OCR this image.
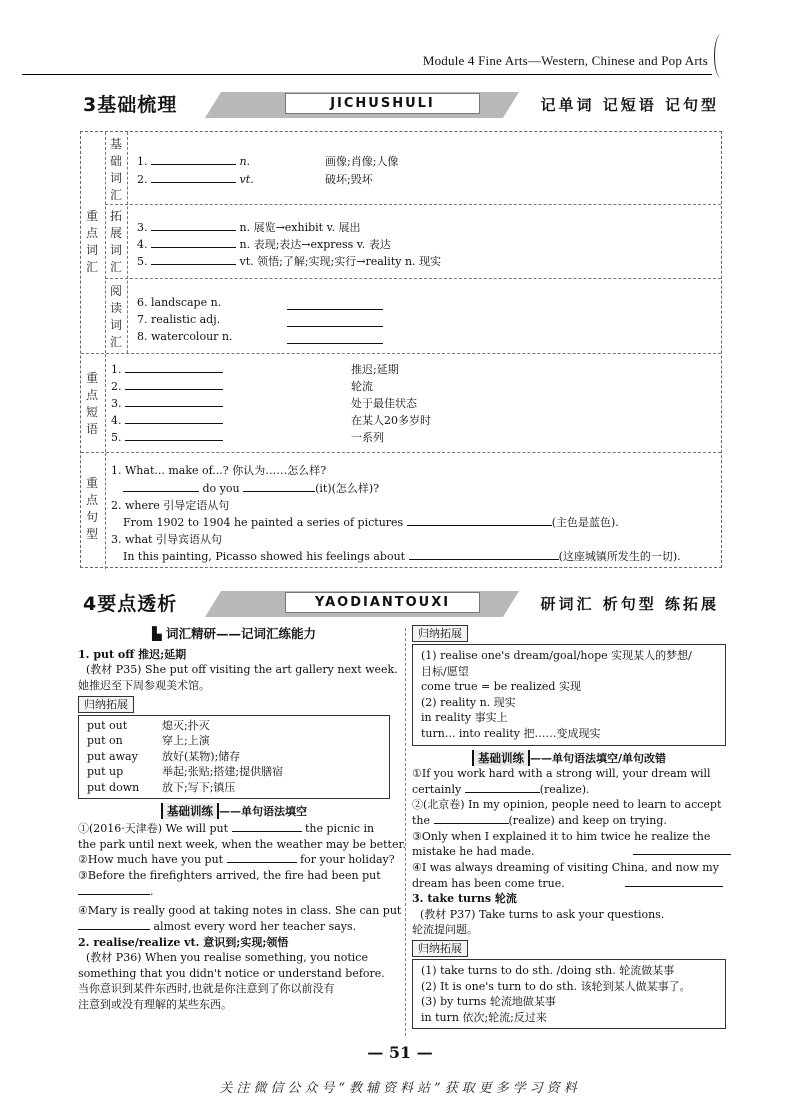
Module 4 Fine Arts—Western, Chinese and Pop Arts
3基础梳理	JICHUSHULI	记单词 记短语 记句型
重点词汇
基础词汇
1.	n.	画像;肖像;人像
2.	vt.	破坏;毁坏
拓展词汇
3.	n. 展览→exhibit v. 展出
4.	n. 表现;表达→express v. 表达
5.	vt. 领悟;了解;实现;实行→reality n. 现实
阅读词汇
6. landscape n.
7. realistic adj.
8. watercolour n.
重点短语
1.	推迟;延期
2.	轮流
3.	处于最佳状态
4.	在某人20多岁时
5.	一系列
重点句型
1. What... make of...? 你认为……怎么样?
do you	(it)(怎么样)?
2. where 引导定语从句
From 1902 to 1904 he painted a series of pictures	(主色是蓝色).
3. what 引导宾语从句
In this painting, Picasso showed his feelings about	(这座城镇所发生的一切).
4要点透析	YAODIANTOUXI	研词汇 析句型 练拓展
▙ 词汇精研——记词汇练能力
1. put off 推迟;延期
(教材 P35) She put off visiting the art gallery next week.
她推迟至下周参观美术馆。
归纳拓展
put out	熄灭;扑灭
put on	穿上;上演
put away	放好(某物);储存
put up	举起;张贴;搭建;提供膳宿
put down	放下;写下;镇压
基础训练 ——单句语法填空
①(2016·天津卷) We will put	the picnic in
the park until next week, when the weather may be better.
②How much have you put	for your holiday?
③Before the firefighters arrived, the fire had been put
.
④Mary is really good at taking notes in class. She can put
almost every word her teacher says.
2. realise/realize vt. 意识到;实现;领悟
(教材 P36) When you realise something, you notice
something that you didn't notice or understand before.
当你意识到某件东西时,也就是你注意到了你以前没有
注意到或没有理解的某些东西。
归纳拓展
(1) realise one's dream/goal/hope 实现某人的梦想/
目标/愿望
come true = be realized 实现
(2) reality n. 现实
in reality 事实上
turn... into reality 把……变成现实
基础训练 ——单句语法填空/单句改错
①If you work hard with a strong will, your dream will
certainly	(realize).
②(北京卷) In my opinion, people need to learn to accept
the	(realize) and keep on trying.
③Only when I explained it to him twice he realize the
mistake he had made.
④I was always dreaming of visiting China, and now my
dream has been come true.
3. take turns 轮流
(教材 P37) Take turns to ask your questions.
轮流提问题。
归纳拓展
(1) take turns to do sth. /doing sth. 轮流做某事
(2) It is one's turn to do sth. 该轮到某人做某事了。
(3) by turns 轮流地做某事
in turn 依次;轮流;反过来
— 51 —
关注微信公众号“教辅资料站”获取更多学习资料
